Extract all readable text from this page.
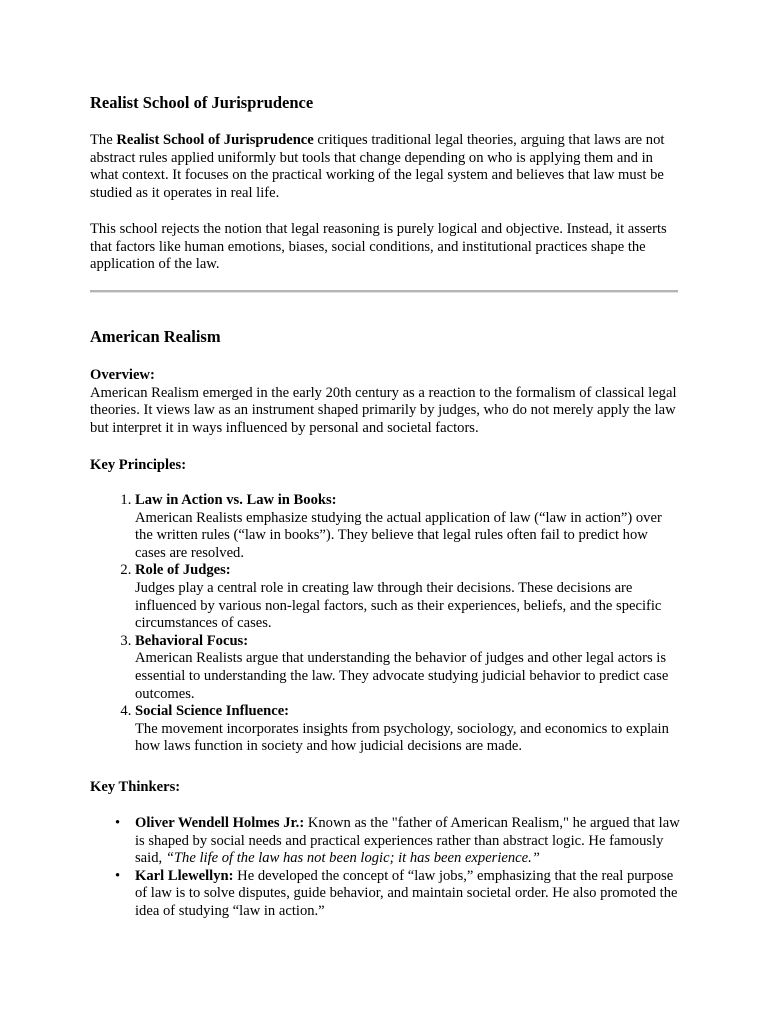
Realist School of Jurisprudence

The Realist School of Jurisprudence critiques traditional legal theories, arguing that laws are not abstract rules applied uniformly but tools that change depending on who is applying them and in what context. It focuses on the practical working of the legal system and believes that law must be studied as it operates in real life.

This school rejects the notion that legal reasoning is purely logical and objective. Instead, it asserts that factors like human emotions, biases, social conditions, and institutional practices shape the application of the law.

American Realism

Overview:
American Realism emerged in the early 20th century as a reaction to the formalism of classical legal theories. It views law as an instrument shaped primarily by judges, who do not merely apply the law but interpret it in ways influenced by personal and societal factors.

Key Principles:

1. Law in Action vs. Law in Books:
American Realists emphasize studying the actual application of law (“law in action”) over the written rules (“law in books”). They believe that legal rules often fail to predict how cases are resolved.
2. Role of Judges:
Judges play a central role in creating law through their decisions. These decisions are influenced by various non-legal factors, such as their experiences, beliefs, and the specific circumstances of cases.
3. Behavioral Focus:
American Realists argue that understanding the behavior of judges and other legal actors is essential to understanding the law. They advocate studying judicial behavior to predict case outcomes.
4. Social Science Influence:
The movement incorporates insights from psychology, sociology, and economics to explain how laws function in society and how judicial decisions are made.

Key Thinkers:

• Oliver Wendell Holmes Jr.: Known as the "father of American Realism," he argued that law is shaped by social needs and practical experiences rather than abstract logic. He famously said, “The life of the law has not been logic; it has been experience.”
• Karl Llewellyn: He developed the concept of “law jobs,” emphasizing that the real purpose of law is to solve disputes, guide behavior, and maintain societal order. He also promoted the idea of studying “law in action.”
